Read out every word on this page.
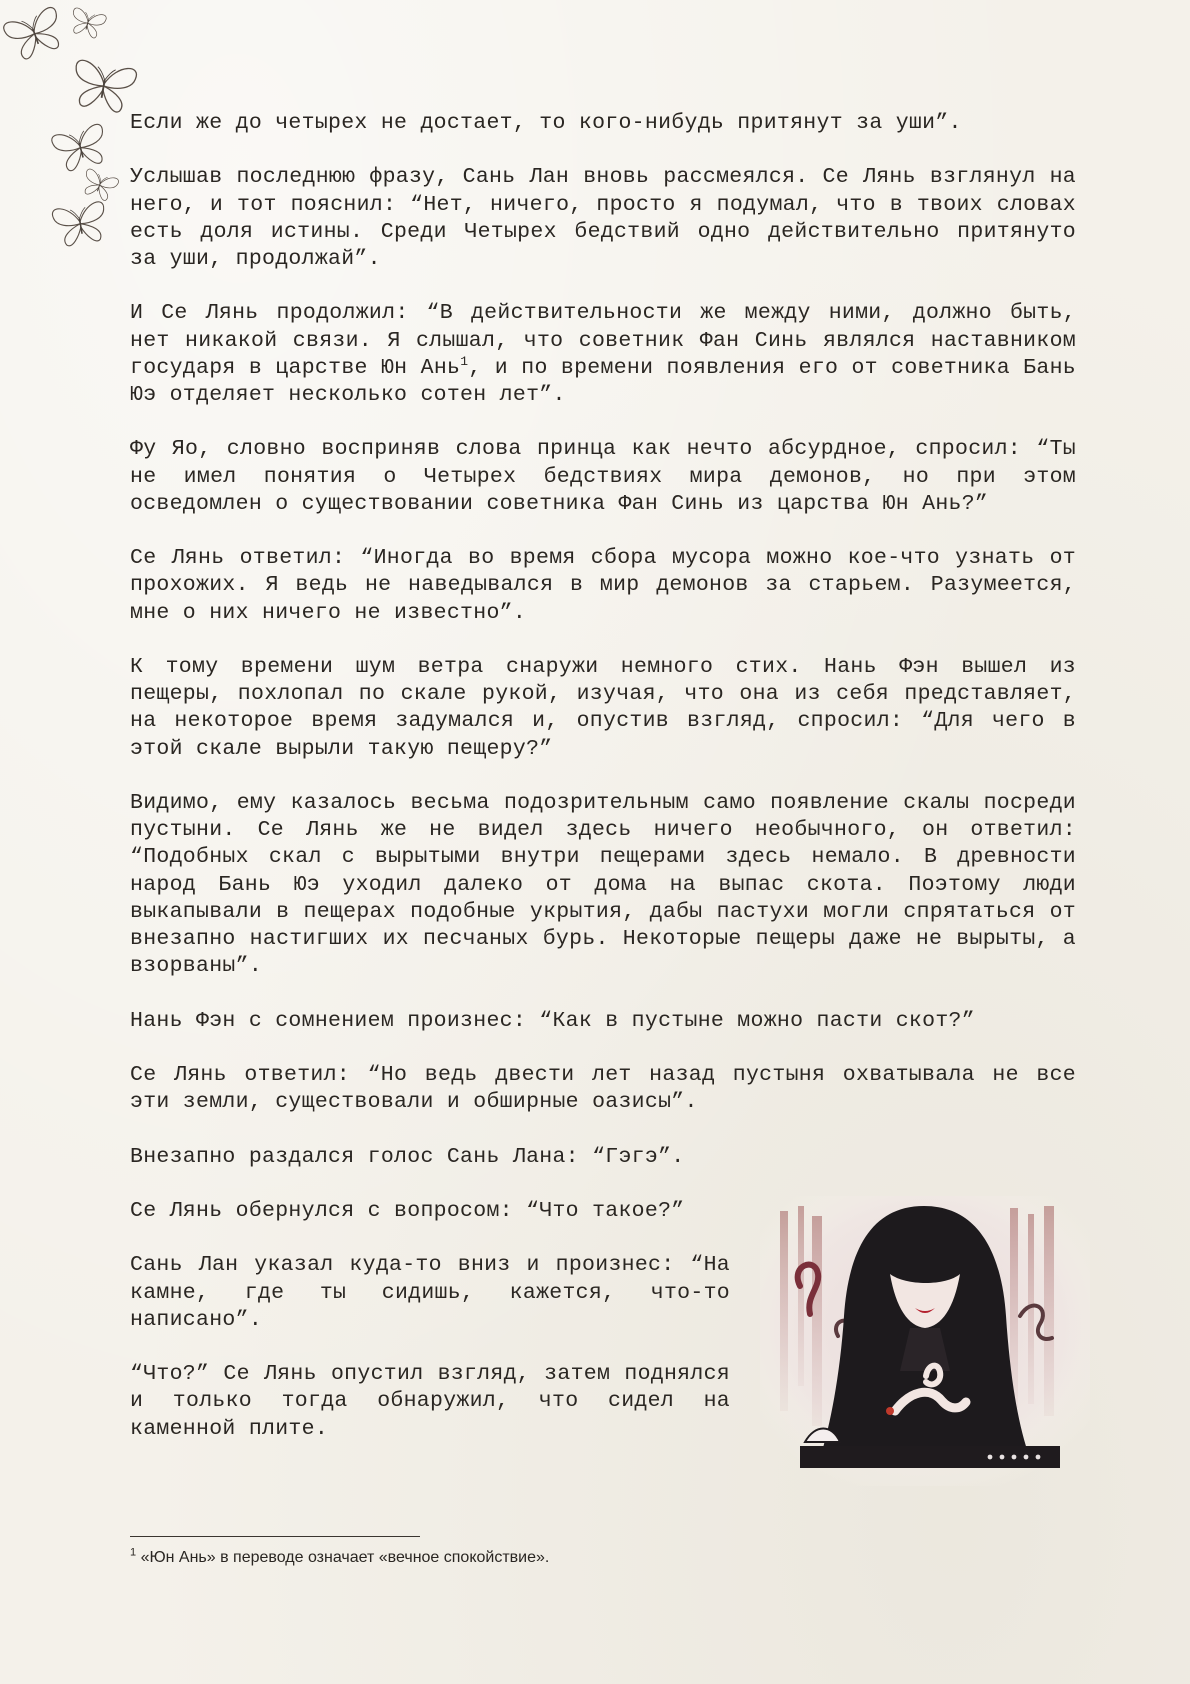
Если же до четырех не достает, то кого-нибудь притянут за уши”.

Услышав последнюю фразу, Сань Лан вновь рассмеялся. Се Лянь взглянул на него, и тот пояснил: “Нет, ничего, просто я подумал, что в твоих словах есть доля истины. Среди Четырех бедствий одно действительно притянуто за уши, продолжай”.

И Се Лянь продолжил: “В действительности же между ними, должно быть, нет никакой связи. Я слышал, что советник Фан Синь являлся наставником государя в царстве Юн Ань$^1$, и по времени появления его от советника Бань Юэ отделяет несколько сотен лет”.

Фу Яо, словно восприняв слова принца как нечто абсурдное, спросил: “Ты не имел понятия о Четырех бедствиях мира демонов, но при этом осведомлен о существовании советника Фан Синь из царства Юн Ань?”

Се Лянь ответил: “Иногда во время сбора мусора можно кое-что узнать от прохожих. Я ведь не наведывался в мир демонов за старьем. Разумеется, мне о них ничего не известно”.

К тому времени шум ветра снаружи немного стих. Нань Фэн вышел из пещеры, похлопал по скале рукой, изучая, что она из себя представляет, на некоторое время задумался и, опустив взгляд, спросил: “Для чего в этой скале вырыли такую пещеру?”

Видимо, ему казалось весьма подозрительным само появление скалы посреди пустыни. Се Лянь же не видел здесь ничего необычного, он ответил: “Подобных скал с вырытыми внутри пещерами здесь немало. В древности народ Бань Юэ уходил далеко от дома на выпас скота. Поэтому люди выкапывали в пещерах подобные укрытия, дабы пастухи могли спрятаться от внезапно настигших их песчаных бурь. Некоторые пещеры даже не вырыты, а взорваны”.

Нань Фэн с сомнением произнес: “Как в пустыне можно пасти скот?”

Се Лянь ответил: “Но ведь двести лет назад пустыня охватывала не все эти земли, существовали и обширные оазисы”.

Внезапно раздался голос Сань Лана: “Гэгэ”.

Се Лянь обернулся с вопросом: “Что такое?”

Сань Лан указал куда-то вниз и произнес: “На камне, где ты сидишь, кажется, что-то написано”.

“Что?” Се Лянь опустил взгляд, затем поднялся и только тогда обнаружил, что сидел на каменной плите.

$^1$ «Юн Ань» в переводе означает «вечное спокойствие».
